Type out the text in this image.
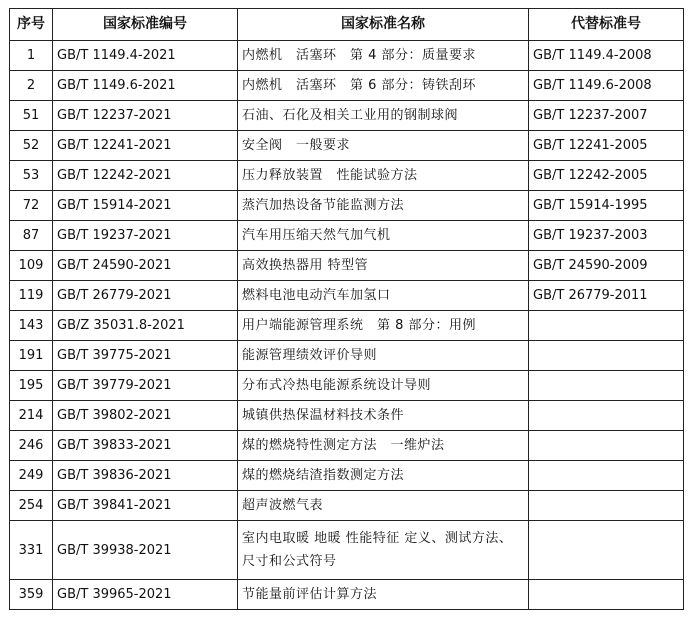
序号	国家标准编号	国家标准名称	代替标准号
1	GB/T 1149.4-2021	内燃机　活塞环　第 4 部分：质量要求	GB/T 1149.4-2008
2	GB/T 1149.6-2021	内燃机　活塞环　第 6 部分：铸铁刮环	GB/T 1149.6-2008
51	GB/T 12237-2021	石油、石化及相关工业用的钢制球阀	GB/T 12237-2007
52	GB/T 12241-2021	安全阀　一般要求	GB/T 12241-2005
53	GB/T 12242-2021	压力释放装置　性能试验方法	GB/T 12242-2005
72	GB/T 15914-2021	蒸汽加热设备节能监测方法	GB/T 15914-1995
87	GB/T 19237-2021	汽车用压缩天然气加气机	GB/T 19237-2003
109	GB/T 24590-2021	高效换热器用 特型管	GB/T 24590-2009
119	GB/T 26779-2021	燃料电池电动汽车加氢口	GB/T 26779-2011
143	GB/Z 35031.8-2021	用户端能源管理系统　第 8 部分：用例	
191	GB/T 39775-2021	能源管理绩效评价导则	
195	GB/T 39779-2021	分布式冷热电能源系统设计导则	
214	GB/T 39802-2021	城镇供热保温材料技术条件	
246	GB/T 39833-2021	煤的燃烧特性测定方法　一维炉法	
249	GB/T 39836-2021	煤的燃烧结渣指数测定方法	
254	GB/T 39841-2021	超声波燃气表	
331	GB/T 39938-2021	室内电取暖 地暖 性能特征 定义、测试方法、尺寸和公式符号	
359	GB/T 39965-2021	节能量前评估计算方法	
